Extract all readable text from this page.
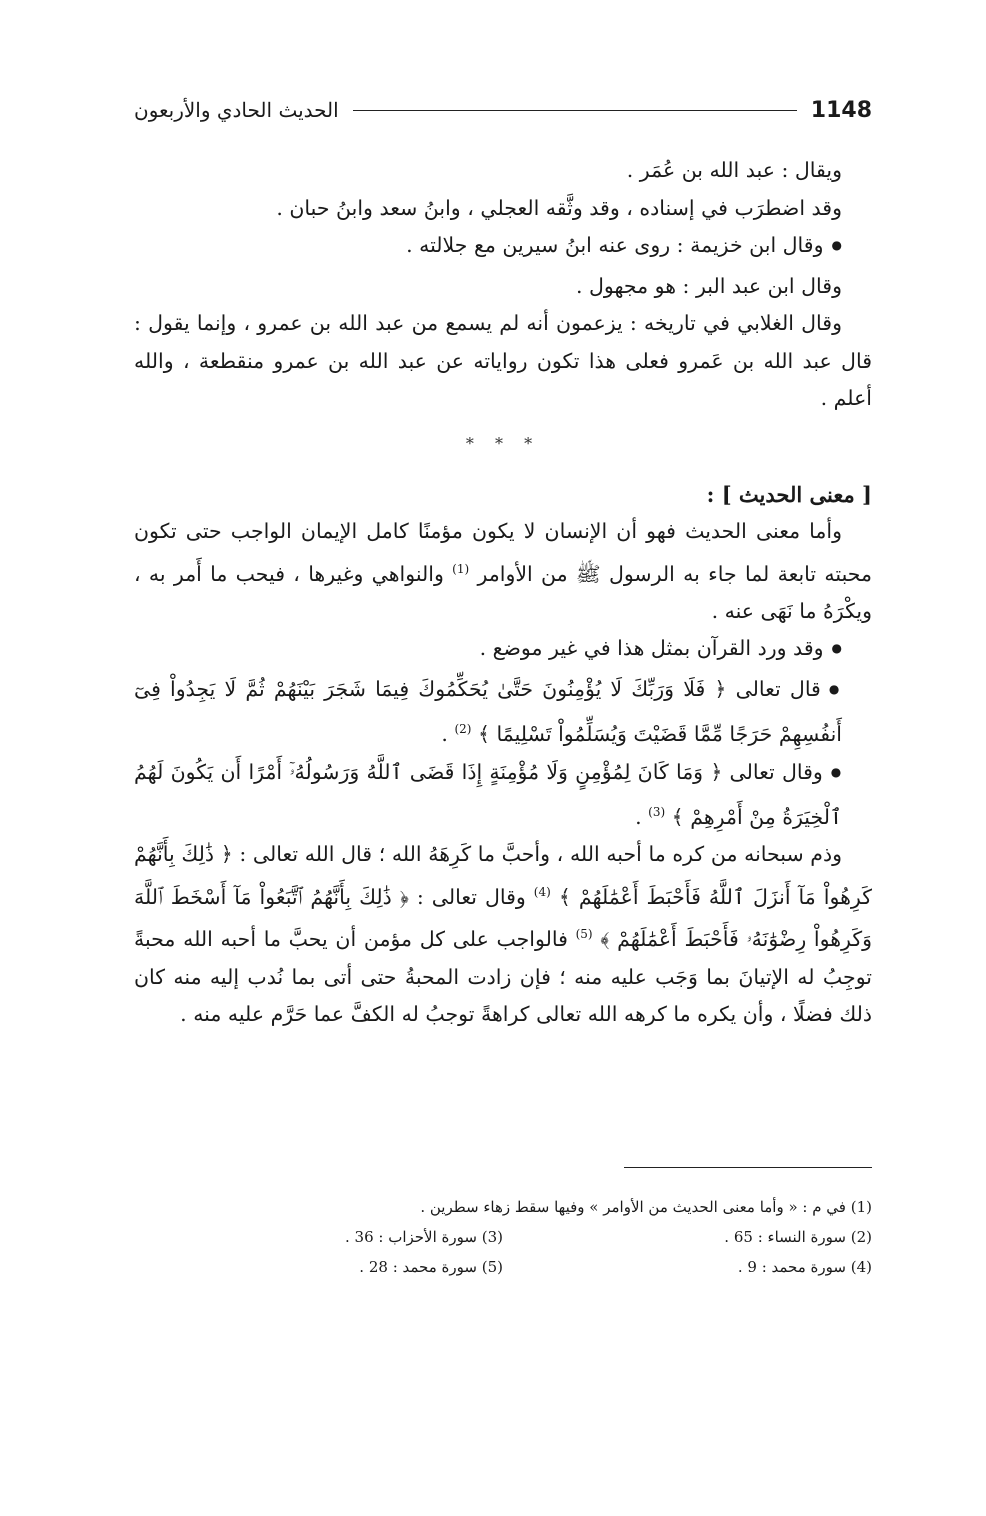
1148
الحديث الحادي والأربعون

ويقال : عبد الله بن عُمَر .

وقد اضطرَب في إسناده ، وقد وثَّقه العجلي ، وابنُ سعد وابنُ حبان .

● وقال ابن خزيمة : روى عنه ابنُ سيرين مع جلالته .

وقال ابن عبد البر : هو مجهول .

وقال الغلابي في تاريخه : يزعمون أنه لم يسمع من عبد الله بن عمرو ، وإنما يقول : قال عبد الله بن عَمرو فعلى هذا تكون رواياته عن عبد الله بن عمرو منقطعة ، والله أعلم .

* * *

[ معنى الحديث ] :

وأما معنى الحديث فهو أن الإنسان لا يكون مؤمنًا كامل الإيمان الواجب حتى تكون محبته تابعة لما جاء به الرسول ﷺ من الأوامر $^{(1)}$ والنواهي وغيرها ، فيحب ما أَمر به ، ويكْرَهُ ما نَهَى عنه .

● وقد ورد القرآن بمثل هذا في غير موضع .

● قال تعالى ﴿ فَلَا وَرَبِّكَ لَا يُؤْمِنُونَ حَتَّىٰ يُحَكِّمُوكَ فِيمَا شَجَرَ بَيْنَهُمْ ثُمَّ لَا يَجِدُواْ فِىٓ أَنفُسِهِمْ حَرَجًا مِّمَّا قَضَيْتَ وَيُسَلِّمُواْ تَسْلِيمًا ﴾ $^{(2)}$ .

● وقال تعالى ﴿ وَمَا كَانَ لِمُؤْمِنٍ وَلَا مُؤْمِنَةٍ إِذَا قَضَى ٱللَّهُ وَرَسُولُهُۥٓ أَمْرًا أَن يَكُونَ لَهُمُ ٱلْخِيَرَةُ مِنْ أَمْرِهِمْ ﴾ $^{(3)}$ .

وذم سبحانه من كره ما أحبه الله ، وأحبَّ ما كَرِهَهُ الله ؛ قال الله تعالى : ﴿ ذَٰلِكَ بِأَنَّهُمْ كَرِهُواْ مَآ أَنزَلَ ٱللَّهُ فَأَحْبَطَ أَعْمَٰلَهُمْ ﴾ $^{(4)}$ وقال تعالى : ﴿ ذَٰلِكَ بِأَنَّهُمُ ٱتَّبَعُواْ مَآ أَسْخَطَ ٱللَّهَ وَكَرِهُواْ رِضْوَٰنَهُۥ فَأَحْبَطَ أَعْمَٰلَهُمْ ﴾ $^{(5)}$ فالواجب على كل مؤمن أن يحبَّ ما أحبه الله محبةً توجِبُ له الإتيانَ بما وَجَب عليه منه ؛ فإن زادت المحبةُ حتى أتى بما نُدب إليه منه كان ذلك فضلًا ، وأن يكره ما كرهه الله تعالى كراهةً توجبُ له الكفَّ عما حَرَّم عليه منه .

(1) في م : « وأما معنى الحديث من الأوامر » وفيها سقط زهاء سطرين .
(2) سورة النساء : 65 .
(3) سورة الأحزاب : 36 .
(4) سورة محمد : 9 .
(5) سورة محمد : 28 .
